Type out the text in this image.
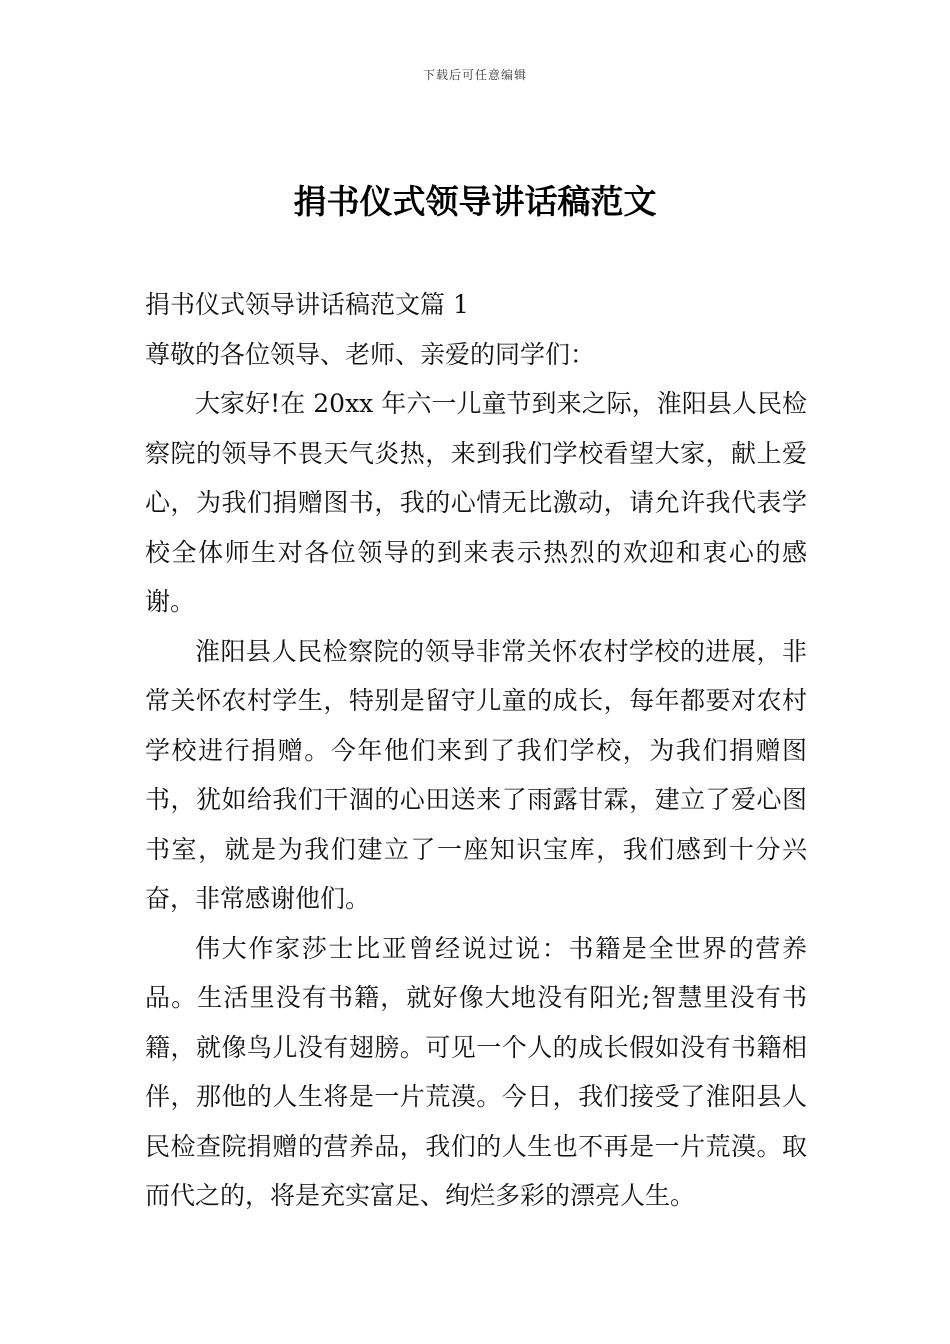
下载后可任意编辑
捐书仪式领导讲话稿范文

捐书仪式领导讲话稿范文篇 1

尊敬的各位领导、老师、亲爱的同学们：

大家好!在 20xx 年六一儿童节到来之际，淮阳县人民检察院的领导不畏天气炎热，来到我们学校看望大家，献上爱心，为我们捐赠图书，我的心情无比激动，请允许我代表学校全体师生对各位领导的到来表示热烈的欢迎和衷心的感谢。

淮阳县人民检察院的领导非常关怀农村学校的进展，非常关怀农村学生，特别是留守儿童的成长，每年都要对农村学校进行捐赠。今年他们来到了我们学校，为我们捐赠图书，犹如给我们干涸的心田送来了雨露甘霖，建立了爱心图书室，就是为我们建立了一座知识宝库，我们感到十分兴奋，非常感谢他们。

伟大作家莎士比亚曾经说过说：书籍是全世界的营养品。生活里没有书籍，就好像大地没有阳光;智慧里没有书籍，就像鸟儿没有翅膀。可见一个人的成长假如没有书籍相伴，那他的人生将是一片荒漠。今日，我们接受了淮阳县人民检查院捐赠的营养品，我们的人生也不再是一片荒漠。取而代之的，将是充实富足、绚烂多彩的漂亮人生。
